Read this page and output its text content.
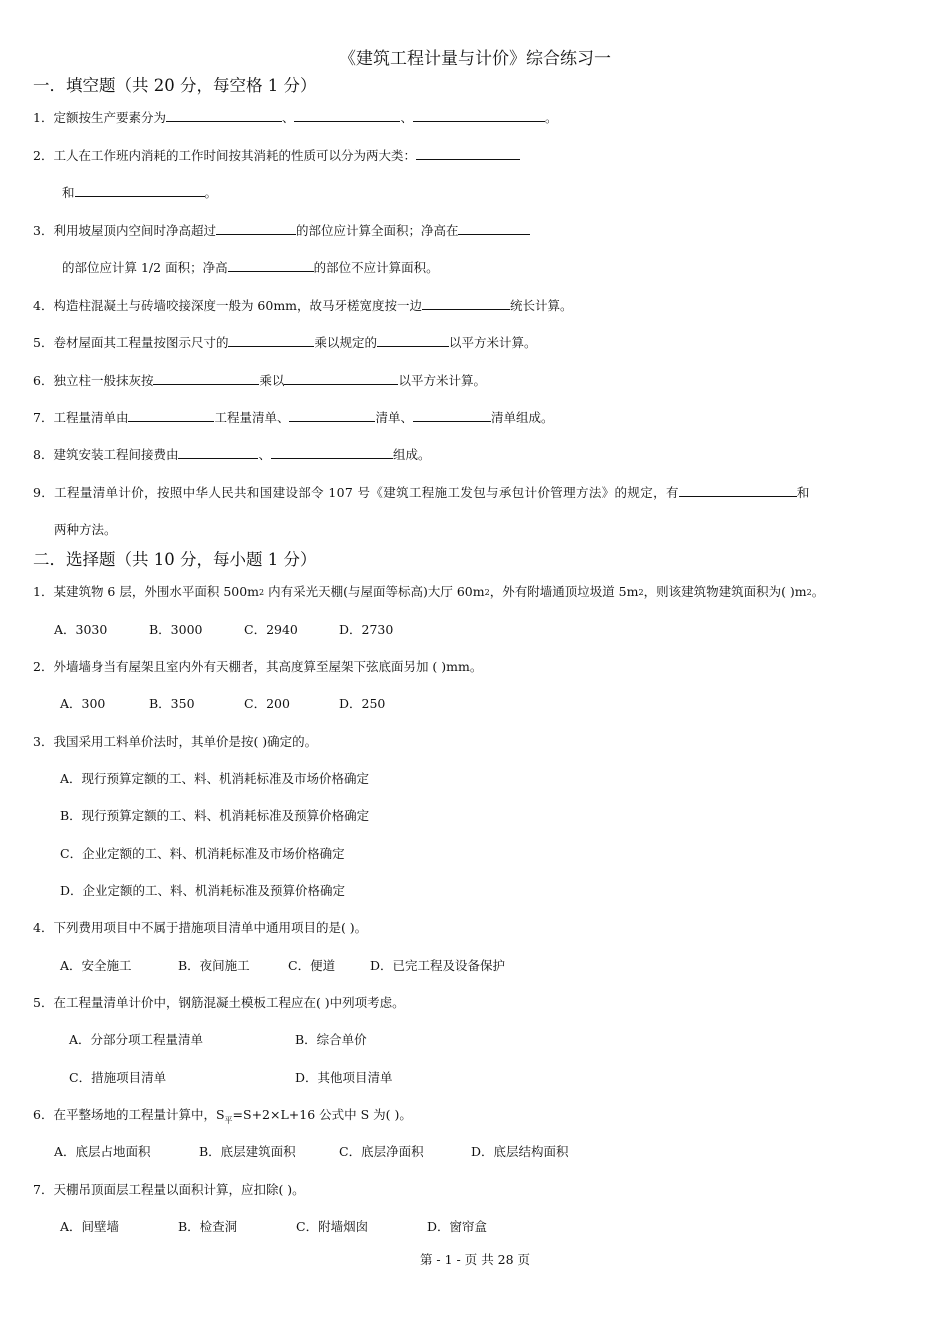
《建筑工程计量与计价》综合练习一
一．填空题（共 20 分，每空格 1 分）
1．定额按生产要素分为	、	、	。
2．工人在工作班内消耗的工作时间按其消耗的性质可以分为两大类：
和	。
3．利用坡屋顶内空间时净高超过	的部位应计算全面积；净高在
的部位应计算 1/2 面积；净高	的部位不应计算面积。
4．构造柱混凝土与砖墙咬接深度一般为 60mm，故马牙槎宽度按一边	统长计算。
5．卷材屋面其工程量按图示尺寸的	乘以规定的	以平方米计算。
6．独立柱一般抹灰按	乘以	以平方米计算。
7．工程量清单由	工程量清单、	清单、	清单组成。
8．建筑安装工程间接费由	、	组成。
9．工程量清单计价，按照中华人民共和国建设部令 107 号《建筑工程施工发包与承包计价管理方法》的规定，有	和
两种方法。
二．选择题（共 10 分，每小题 1 分）
1．某建筑物 6 层，外围水平面积 500m2 内有采光天棚(与屋面等标高)大厅 60m2，外有附墙通顶垃圾道 5m2，则该建筑物建筑面积为( )m2。
A．3030	B．3000	C．2940	D．2730
2．外墙墙身当有屋架且室内外有天棚者，其高度算至屋架下弦底面另加 ( )mm。
A．300	B．350	C．200	D．250
3．我国采用工料单价法时，其单价是按( )确定的。
A．现行预算定额的工、料、机消耗标准及市场价格确定
B．现行预算定额的工、料、机消耗标准及预算价格确定
C．企业定额的工、料、机消耗标准及市场价格确定
D．企业定额的工、料、机消耗标准及预算价格确定
4．下列费用项目中不属于措施项目清单中通用项目的是( )。
A．安全施工	B．夜间施工	C．便道	D．已完工程及设备保护
5．在工程量清单计价中，钢筋混凝土模板工程应在( )中列项考虑。
A．分部分项工程量清单	B．综合单价
C．措施项目清单	D．其他项目清单
6．在平整场地的工程量计算中，$S_平=S+2\times L+16$ 公式中 S 为( )。
A．底层占地面积	B．底层建筑面积	C．底层净面积	D．底层结构面积
7．天棚吊顶面层工程量以面积计算，应扣除( )。
A．间壁墙	B．检查洞	C．附墙烟囱	D．窗帘盒
第 - 1 - 页 共 28 页
